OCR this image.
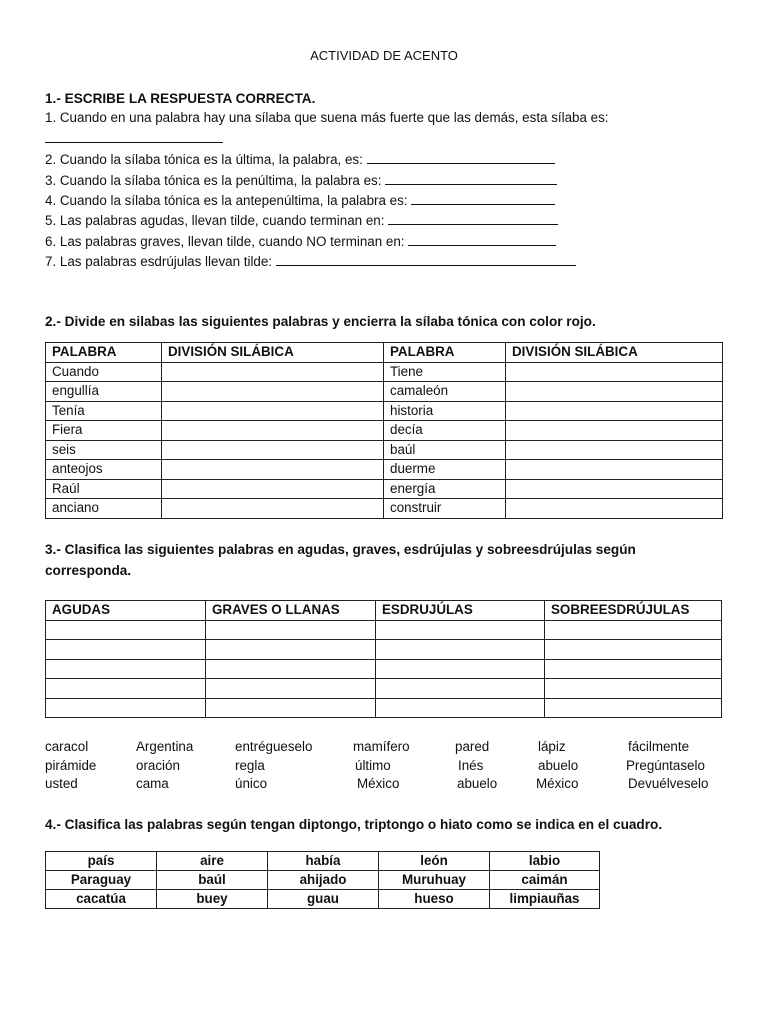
ACTIVIDAD DE ACENTO
1.- ESCRIBE LA RESPUESTA CORRECTA.
1. Cuando en una palabra hay una sílaba que suena más fuerte que las demás, esta sílaba es:
2. Cuando la sílaba tónica es la última, la palabra, es:
3. Cuando la sílaba tónica es la penúltima, la palabra es:
4. Cuando la sílaba tónica es la antepenúltima, la palabra es:
5. Las palabras agudas, llevan tilde, cuando terminan en:
6. Las palabras graves, llevan tilde, cuando NO terminan en:
7. Las palabras esdrújulas llevan tilde:
2.- Divide en silabas las siguientes palabras y encierra la sílaba tónica con color rojo.
PALABRA	DIVISIÓN SILÁBICA	PALABRA	DIVISIÓN SILÁBICA
Cuando		Tiene	
engullía		camaleón	
Tenía		historia	
Fiera		decía	
seis		baúl	
anteojos		duerme	
Raúl		energía	
anciano		construir	
3.- Clasifica las siguientes palabras en agudas, graves, esdrújulas y sobreesdrújulas según
corresponda.
AGUDAS	GRAVES O LLANAS	ESDRUJÚLAS	SOBREESDRÚJULAS

caracol	Argentina	entrégueselo	mamífero	pared	lápiz	fácilmente
pirámide	oración	regla	último	Inés	abuelo	Pregúntaselo
usted	cama	único	México	abuelo	México	Devuélveselo
4.- Clasifica las palabras según tengan diptongo, triptongo o hiato como se indica en el cuadro.
país	aire	había	león	labio
Paraguay	baúl	ahijado	Muruhuay	caimán
cacatúa	buey	guau	hueso	limpiauñas
